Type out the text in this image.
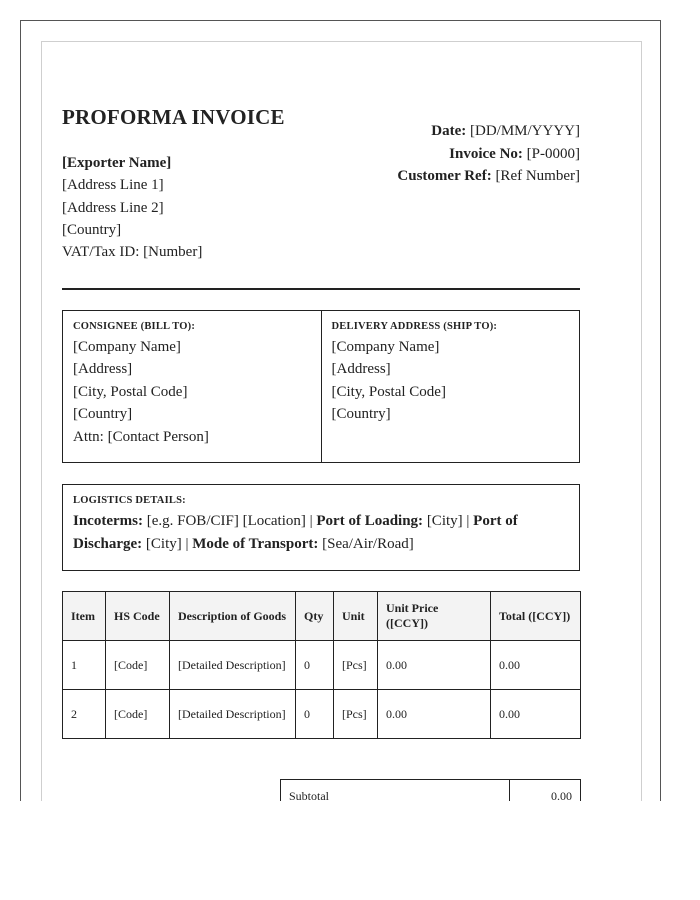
PROFORMA INVOICE
[Exporter Name]
[Address Line 1]
[Address Line 2]
[Country]
VAT/Tax ID: [Number]
Date: [DD/MM/YYYY]
Invoice No: [P-0000]
Customer Ref: [Ref Number]
CONSIGNEE (BILL TO):
[Company Name]
[Address]
[City, Postal Code]
[Country]
Attn: [Contact Person]
DELIVERY ADDRESS (SHIP TO):
[Company Name]
[Address]
[City, Postal Code]
[Country]
LOGISTICS DETAILS:
Incoterms: [e.g. FOB/CIF] [Location] | Port of Loading: [City] | Port of Discharge: [City] | Mode of Transport: [Sea/Air/Road]
Item	HS Code	Description of Goods	Qty	Unit	Unit Price ([CCY])	Total ([CCY])
1	[Code]	[Detailed Description]	0	[Pcs]	0.00	0.00
2	[Code]	[Detailed Description]	0	[Pcs]	0.00	0.00
Subtotal	0.00
